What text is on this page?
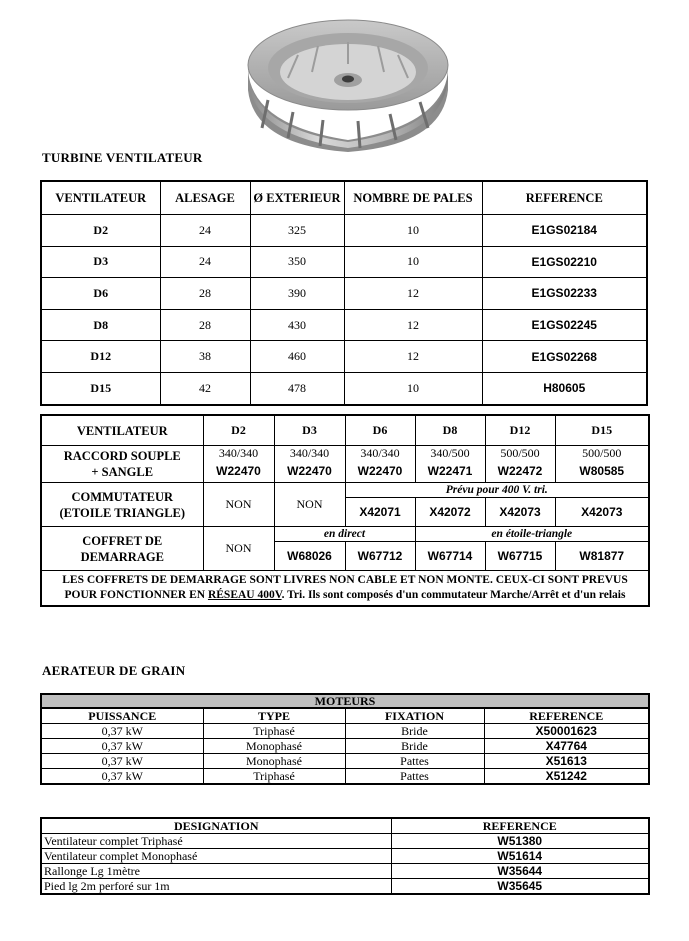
TURBINE VENTILATEUR
VENTILATEUR	ALESAGE	Ø EXTERIEUR	NOMBRE DE PALES	REFERENCE
D2	24	325	10	E1GS02184
D3	24	350	10	E1GS02210
D6	28	390	12	E1GS02233
D8	28	430	12	E1GS02245
D12	38	460	12	E1GS02268
D15	42	478	10	H80605
VENTILATEUR	D2	D3	D6	D8	D12	D15
RACCORD SOUPLE
+ SANGLE	340/340	340/340	340/340	340/500	500/500	500/500
	W22470	W22470	W22470	W22471	W22472	W80585
COMMUTATEUR
(ETOILE TRIANGLE)	NON	NON	Prévu pour 400 V. tri.			
			X42071	X42072	X42073	X42073
COFFRET DE
DEMARRAGE	NON	en direct		en étoile-triangle		
		W68026	W67712	W67714	W67715	W81877
LES COFFRETS DE DEMARRAGE SONT LIVRES NON CABLE ET NON MONTE. CEUX-CI SONT PREVUS
POUR FONCTIONNER EN RÉSEAU 400V. Tri. Ils sont composés d'un commutateur Marche/Arrêt et d'un relais						
AERATEUR DE GRAIN
MOTEURS			
PUISSANCE	TYPE	FIXATION	REFERENCE
0,37 kW	Triphasé	Bride	X50001623
0,37 kW	Monophasé	Bride	X47764
0,37 kW	Monophasé	Pattes	X51613
0,37 kW	Triphasé	Pattes	X51242
DESIGNATION	REFERENCE
Ventilateur complet Triphasé	W51380
Ventilateur complet Monophasé	W51614
Rallonge Lg 1mètre	W35644
Pied lg 2m perforé sur 1m	W35645
